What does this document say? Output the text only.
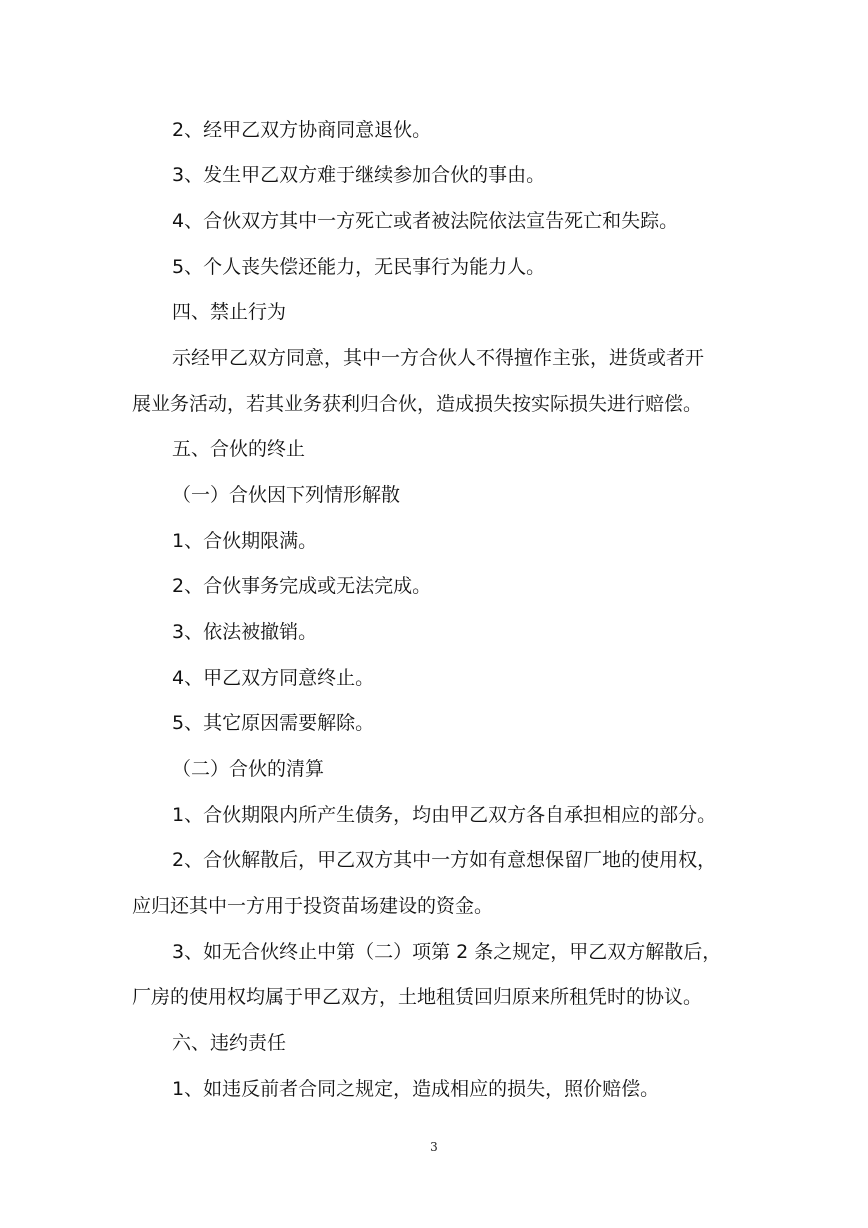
2、经甲乙双方协商同意退伙。
3、发生甲乙双方难于继续参加合伙的事由。
4、合伙双方其中一方死亡或者被法院依法宣告死亡和失踪。
5、个人丧失偿还能力，无民事行为能力人。
四、禁止行为
示经甲乙双方同意，其中一方合伙人不得擅作主张，进货或者开
展业务活动，若其业务获利归合伙，造成损失按实际损失进行赔偿。
五、合伙的终止
（一）合伙因下列情形解散
1、合伙期限满。
2、合伙事务完成或无法完成。
3、依法被撤销。
4、甲乙双方同意终止。
5、其它原因需要解除。
（二）合伙的清算
1、合伙期限内所产生债务，均由甲乙双方各自承担相应的部分。
2、合伙解散后，甲乙双方其中一方如有意想保留厂地的使用权，
应归还其中一方用于投资苗场建设的资金。
3、如无合伙终止中第（二）项第 2 条之规定，甲乙双方解散后，
厂房的使用权均属于甲乙双方，土地租赁回归原来所租凭时的协议。
六、违约责任
1、如违反前者合同之规定，造成相应的损失，照价赔偿。
3
